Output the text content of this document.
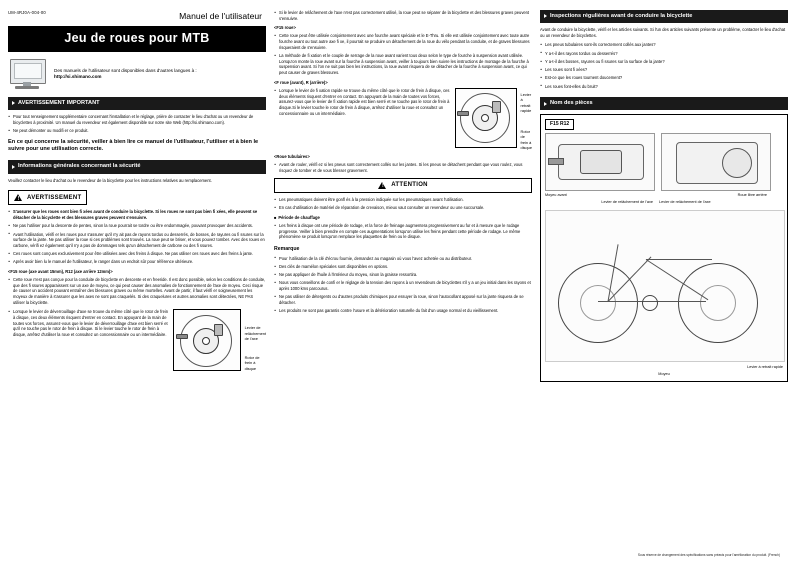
UM-4RJ0A-004-00	Manuel de l'utilisateur
Jeu de roues pour MTB
Des manuels de l'utilisateur sont disponibles dans d'autres langues à :
http://si.shimano.com
AVERTISSEMENT IMPORTANT
• Pour tout renseignement supplémentaire concernant l'installation et le réglage, prière de contacter le lieu d'achat ou un revendeur de bicyclettes à proximité. Un manuel du revendeur est également disponible sur notre site Web (http://si.shimano.com).
• Ne peut démonter ou modifi er ce produit.
En ce qui concerne la sécurité, veiller à bien lire ce manuel de l'utilisateur, l'utiliser et à bien le suivre pour une utilisation correcte.
Informations générales concernant la sécurité

Veuillez contacter le lieu d'achat ou le revendeur de la bicyclette pour les instructions relatives au remplacement.

! AVERTISSEMENT
• S'assurer que les roues sont bien fi xées avant de conduire la bicyclette. Si les roues ne sont pas bien fi xées, elle peuvent se détacher de la bicyclette et des blessures graves peuvent s'ensuivre.
• Ne pas l'utiliser pour la descente de pentes, sinon la roue pourrait se tordre ou être endommagée, pouvant provoquer des accidents.
• Avant l'utilisation, vérifi er les roues pour s'assurer qu'il n'y ait pas de rayons tordus ou desserrés, de bosses, de rayures ou fi ssures sur la surface de la jante. Ne pas utiliser la roue si ces problèmes sont trouvés. La roue peut se briser, et vous pouvez tomber. Avec des roues en carbone, vérifi ez également qu'il n'y a pas de dommages tels qu'un détachement de carbone ou des fi ssures.
• Ces roues sont conçues exclusivement pour être utilisées avec des freins à disque. Ne pas utiliser ces roues avec des freins à jante.
• Après avoir bien lu le manuel de l'utilisateur, le ranger dans un endroit sûr pour référence ultérieure.
<F15 roue (axe avant 15mm), R12 (axe arrière 12mm)>
• Cette roue n'est pas conçue pour la conduite de bicyclette en descente et en freeride. Il est donc possible, selon les conditions de conduite, que des fi ssures apparaissent sur un axe de moyeu, ce qui peut causer des anomalies de fonctionnement de l'axe de moyeu. Ceci risque de causer un accident pouvant entraîner des blessures graves ou même mortelles. Avant de partir, il faut vérifi er soigneusement les moyeux de manière à s'assurer que les axes ne sont pas craquelés. Si des craquelures et autres anomalies sont détectées, NE PAS utiliser la bicyclette.
• Lorsque le levier de déverrouillage d'axe se trouve du même côté que le rotor de frein à disque, ces deux éléments risquent d'entrer en contact. En appuyant de la main de toutes vos forces, assurez-vous que le levier de déverrouillage d'axe est bien serré et qu'il ne touche pas le rotor de frein à disque. Si le levier touche le rotor de frein à disque, arrêtez d'utiliser la roue et consultez un concessionnaire ou un intermédiaire.
Levier de relâchement de l'axe
Rotor de frein à disque
• Si le levier de relâchement de l'axe n'est pas correctement utilisé, la roue peut se séparer de la bicyclette et des blessures graves peuvent s'ensuivre.
<F15 roue>
• Cette roue peut être utilisée conjointement avec une fourche avant spéciale et le E-Thru. Si elle est utilisée conjointement avec toute autre fourche avant ou tout autre axe fi xe, il pourrait se produire un détachement de la roue du vélo pendant la conduite, et de graves blessures risqueraient de s'ensuivre.
• La méthode de fi xation et le couple de serrage de la roue avant varient tous deux selon le type de fourche à suspension avant utilisée. Lorsqu'on monte la roue avant sur la fourche à suspension avant, veiller à toujours bien suivre les instructions de montage de la fourche à suspension avant. Si l'on ne suit pas bien les instructions, la roue avant risquera de se détacher de la fourche à suspension avant, ce qui peut causer de graves blessures.
<F roue (avant), R (arrière)>
• Lorsque le levier de fi xation rapide se trouve du même côté que le rotor de frein à disque, ces deux éléments risquent d'entrer en contact. En appuyant de la main de toutes vos forces, assurez-vous que le levier de fi xation rapide est bien serré et ne touche pas le rotor de frein à disque.Si le levier touche le rotor de frein à disque, arrêtez d'utiliser la roue et consultez un concessionnaire ou un intermédiaire.
Levier à retrait rapide
Rotor de frein à disque
<Roue tubulaires>
• Avant de rouler, vérifi ez si les pneus sont correctement collés sur les jantes. Si les pneus se détachent pendant que vous roulez, vous risquez de tomber et de vous blesser gravement.
! ATTENTION
• Les pneumatiques doivent être gonfl és à la pression indiquée sur les pneumatiques avant l'utilisation.
• En cas d'utilisation de matériel de réparation de crevaison, mieux vaut consulter un revendeur ou une succursale.
■ Période de chauffage
• Les freins à disque ont une période de rodage, et la force de freinage augmentera progressivement au fur et à mesure que le rodage progresse. Veiller à bien prendre en compte ces augmentations lorsqu'on utilise les freins pendant cette période de rodage. Le même phénomène se produit lorsqu'on remplace les plaquettes de frein ou le disque.
Remarque
• Pour l'utilisation de la clé d'écrou fournie, demandez au magasin où vous l'avez achetée ou au distributeur.
• Des clés de mamélon spéciales sont disponibles en options.
• Ne pas appliquer de l'huile à l'intérieur du moyeu, sinon la graisse ressortira.
• Nous vous conseillons de confi er le réglage de la tension des rayons à un revendeurs de bicyclettes s'il y a un jeu initial dans les rayons et après 1000 kms parcourus.
• Ne pas utiliser de détergents ou d'autres produits chimiques pour essuyer la roue, sinon l'autocollant apposé sur la jante risquera de se détacher.
• Les produits ne sont pas garantis contre l'usure et la détérioration naturelle du fait d'un usage normal et du vieillissement.
Inspections régulières avant de conduire la bicyclette

Avant de conduire la bicyclette, vérifi er les articles suivants. Si l'un des articles suivants présente un problème, contacter le lieu d'achat ou un revendeur de bicyclettes.

• Les pneus tubulaires sont-ils correctement collés aux jantes?
• Y a-t-il des rayons tordus ou desserrés?
• Y a-t-il des bosses, rayures ou fi ssures sur la surface de la jante?
• Les roues sont fi xées?
• Est-ce que les roues tournent doucement?
• Les roues font-elles du bruit?
Nom des pièces
F15 R12
Moyeu avant	Roue libre arrière
Levier de relâchement de l'axe Levier de relâchement de l'axe
Levier à retrait rapide
Moyeu
Sous réserve de changement des spécifications sans préavis pour l'amélioration du produit. (French)
